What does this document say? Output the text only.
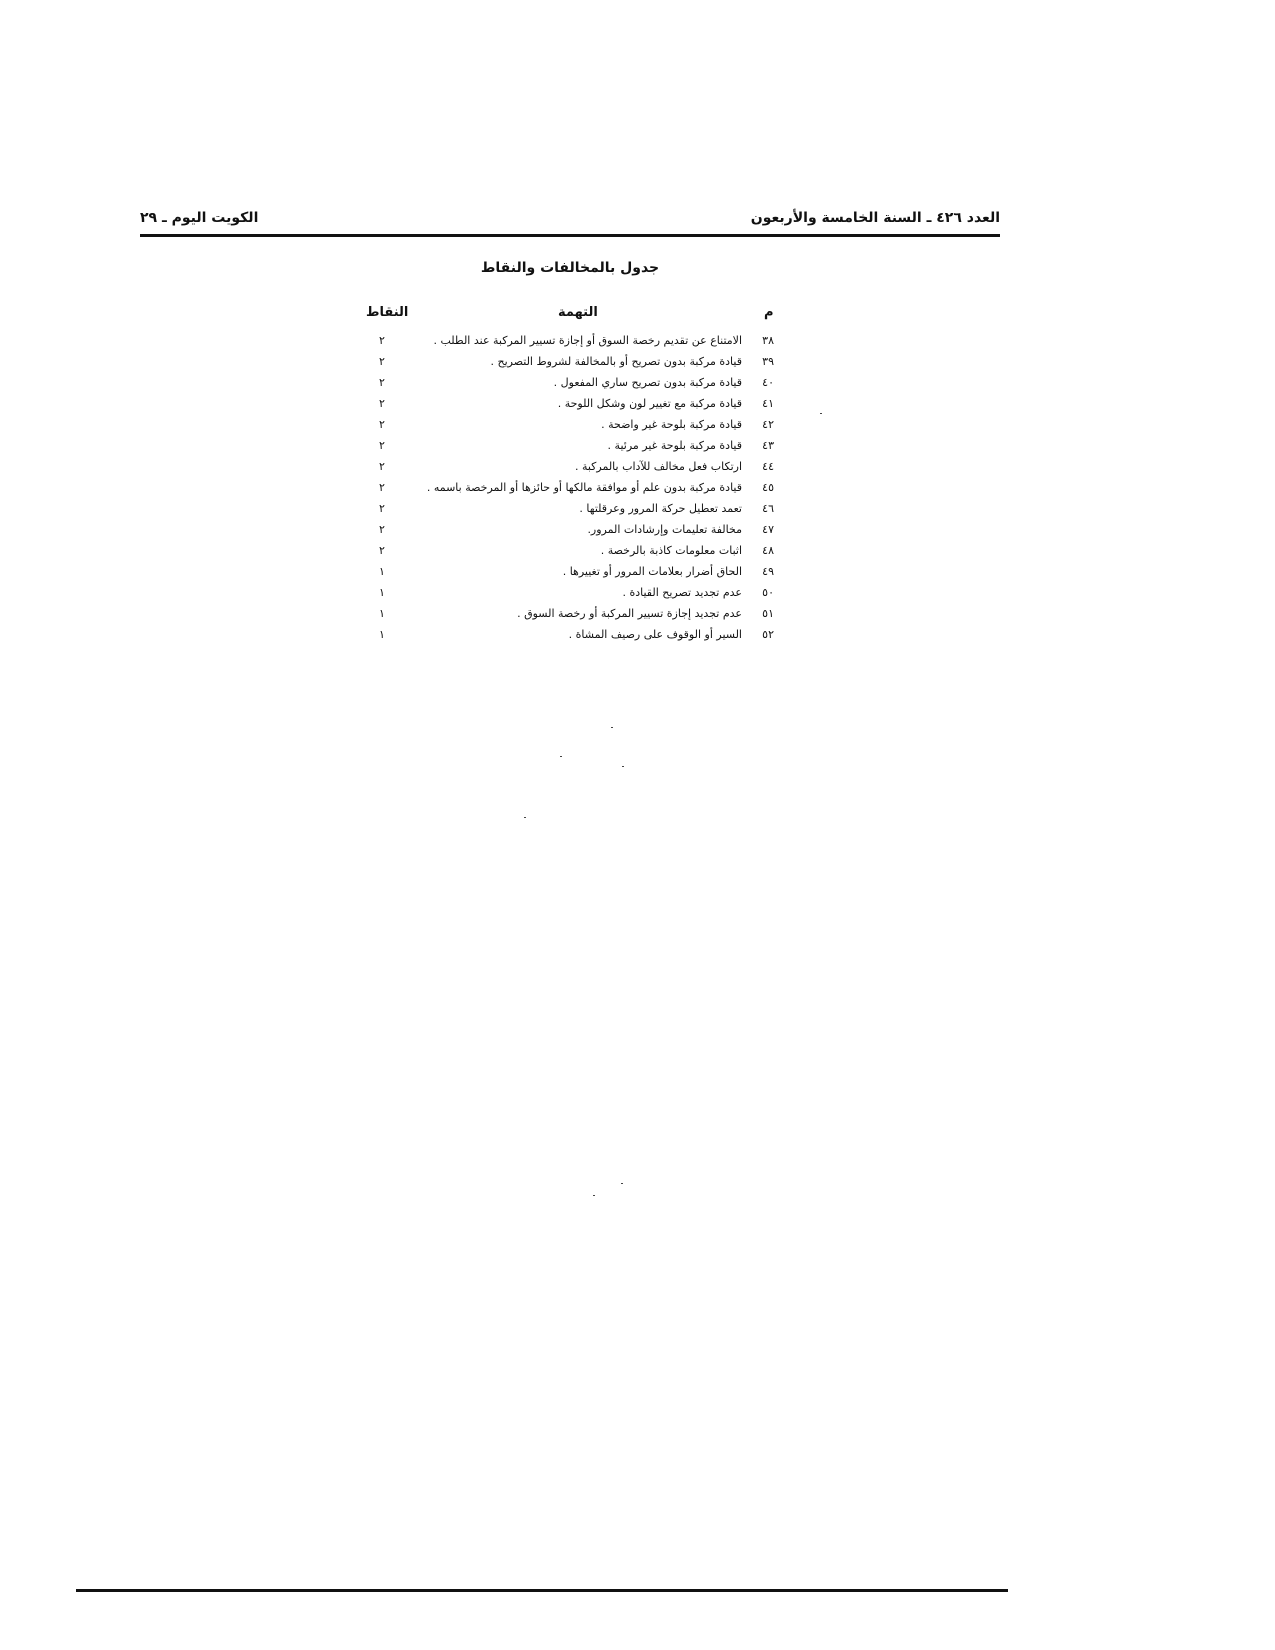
العدد ٤٢٦ ـ السنة الخامسة والأربعون
الكويت اليوم ـ ٢٩
جدول بالمخالفات والنقاط
م
التهمة
النقاط
٣٨
الامتناع عن تقديم رخصة السوق أو إجازة تسيير المركبة عند الطلب .
٢
٣٩
قيادة مركبة بدون تصريح أو بالمخالفة لشروط التصريح .
٢
٤٠
قيادة مركبة بدون تصريح ساري المفعول .
٢
٤١
قيادة مركبة مع تغيير لون وشكل اللوحة .
٢
٤٢
قيادة مركبة بلوحة غير واضحة .
٢
٤٣
قيادة مركبة بلوحة غير مرئية .
٢
٤٤
ارتكاب فعل مخالف للآداب بالمركبة .
٢
٤٥
قيادة مركبة بدون علم أو موافقة مالكها أو حائزها أو المرخصة باسمه .
٢
٤٦
تعمد تعطيل حركة المرور وعرقلتها .
٢
٤٧
مخالفة تعليمات وإرشادات المرور.
٢
٤٨
اثبات معلومات كاذبة بالرخصة .
٢
٤٩
الحاق أضرار بعلامات المرور أو تغييرها .
١
٥٠
عدم تجديد تصريح القيادة .
١
٥١
عدم تجديد إجازة تسيير المركبة أو رخصة السوق .
١
٥٢
السير أو الوقوف على رصيف المشاة .
١
